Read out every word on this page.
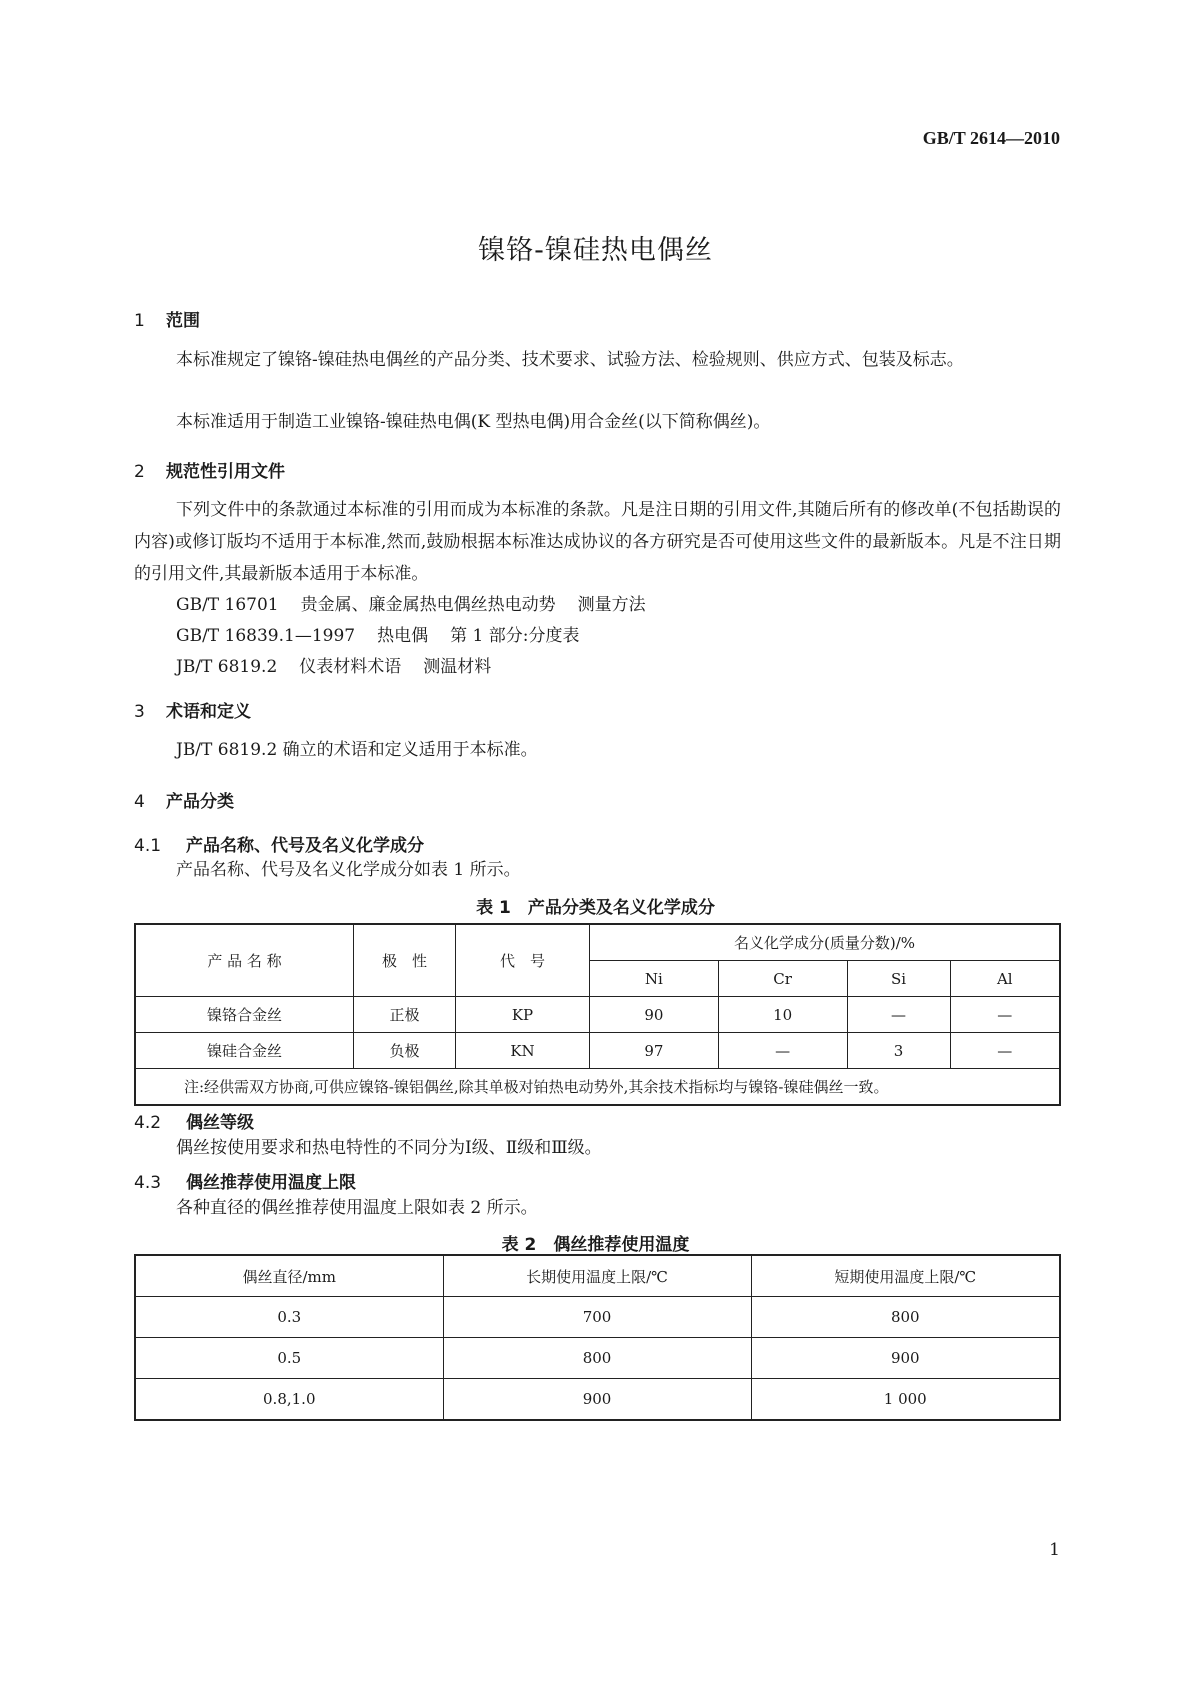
GB/T 2614—2010
镍铬-镍硅热电偶丝
1 范围
本标准规定了镍铬-镍硅热电偶丝的产品分类、技术要求、试验方法、检验规则、供应方式、包装及标志。
本标准适用于制造工业镍铬-镍硅热电偶(K 型热电偶)用合金丝(以下简称偶丝)。
2 规范性引用文件
下列文件中的条款通过本标准的引用而成为本标准的条款。凡是注日期的引用文件,其随后所有的修改单(不包括勘误的内容)或修订版均不适用于本标准,然而,鼓励根据本标准达成协议的各方研究是否可使用这些文件的最新版本。凡是不注日期的引用文件,其最新版本适用于本标准。
GB/T 16701 贵金属、廉金属热电偶丝热电动势 测量方法
GB/T 16839.1—1997 热电偶 第 1 部分:分度表
JB/T 6819.2 仪表材料术语 测温材料
3 术语和定义
JB/T 6819.2 确立的术语和定义适用于本标准。
4 产品分类
4.1 产品名称、代号及名义化学成分
产品名称、代号及名义化学成分如表 1 所示。
表 1　产品分类及名义化学成分
产 品 名 称	极　性	代　号	名义化学成分(质量分数)/%			
			Ni	Cr	Si	Al
镍铬合金丝	正极	KP	90	10	—	—
镍硅合金丝	负极	KN	97	—	3	—
注:经供需双方协商,可供应镍铬-镍铝偶丝,除其单极对铂热电动势外,其余技术指标均与镍铬-镍硅偶丝一致。						
4.2 偶丝等级
偶丝按使用要求和热电特性的不同分为Ⅰ级、Ⅱ级和Ⅲ级。
4.3 偶丝推荐使用温度上限
各种直径的偶丝推荐使用温度上限如表 2 所示。
表 2　偶丝推荐使用温度
偶丝直径/mm	长期使用温度上限/℃	短期使用温度上限/℃
0.3	700	800
0.5	800	900
0.8,1.0	900	1 000
1
